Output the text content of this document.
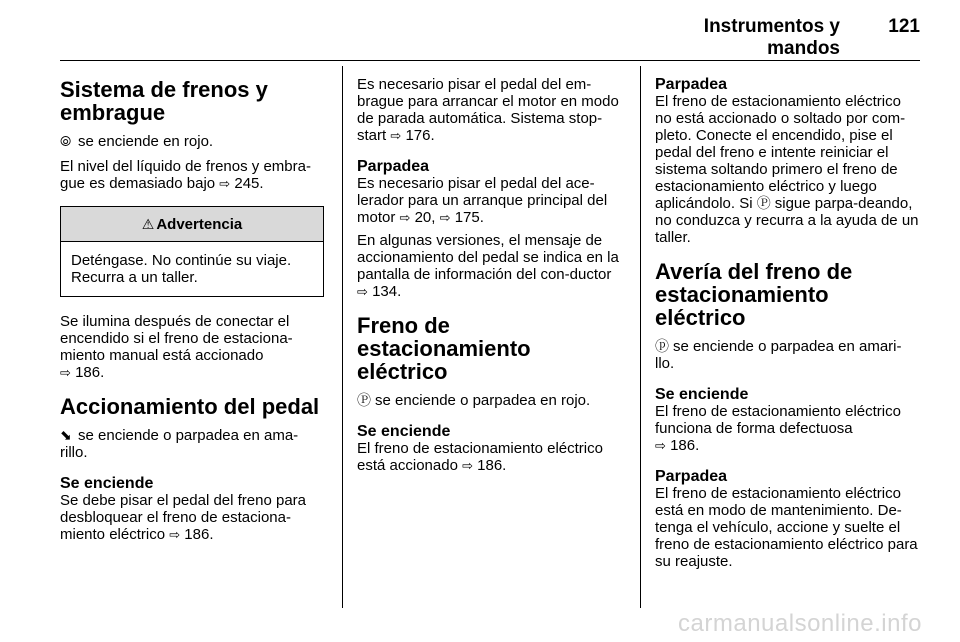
Instrumentos y mandos
121
Sistema de frenos y embrague

⦾ se enciende en rojo.

El nivel del líquido de frenos y embra-gue es demasiado bajo ⇨ 245.

⚠ Advertencia
Deténgase. No continúe su viaje. Recurra a un taller.

Se ilumina después de conectar el encendido si el freno de estaciona-miento manual está accionado
⇨ 186.

Accionamiento del pedal

⬊ se enciende o parpadea en ama-rillo.

Se enciende

Se debe pisar el pedal del freno para desbloquear el freno de estaciona-miento eléctrico ⇨ 186.

Es necesario pisar el pedal del em-brague para arrancar el motor en modo de parada automática. Sistema stop-start ⇨ 176.

Parpadea

Es necesario pisar el pedal del ace-lerador para un arranque principal del motor ⇨ 20, ⇨ 175.

En algunas versiones, el mensaje de accionamiento del pedal se indica en la pantalla de información del con-ductor ⇨ 134.

Freno de estacionamiento eléctrico

Ⓟ se enciende o parpadea en rojo.

Se enciende

El freno de estacionamiento eléctrico está accionado ⇨ 186.

Parpadea

El freno de estacionamiento eléctrico no está accionado o soltado por com-pleto. Conecte el encendido, pise el pedal del freno e intente reiniciar el sistema soltando primero el freno de estacionamiento eléctrico y luego aplicándolo. Si Ⓟ sigue parpa-deando, no conduzca y recurra a la ayuda de un taller.

Avería del freno de estacionamiento eléctrico

ⓟ se enciende o parpadea en amari-llo.

Se enciende

El freno de estacionamiento eléctrico funciona de forma defectuosa
⇨ 186.

Parpadea

El freno de estacionamiento eléctrico está en modo de mantenimiento. De-tenga el vehículo, accione y suelte el freno de estacionamiento eléctrico para su reajuste.

carmanualsonline.info
